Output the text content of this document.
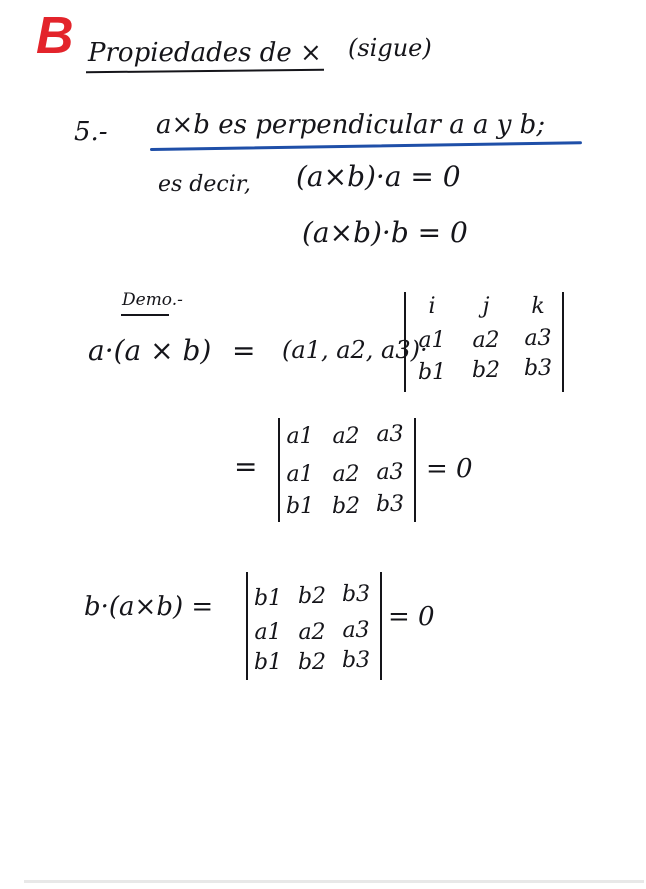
B Propiedades de × (sigue)
5.- a×b es perpendicular a a y b;
es decir, (a×b)·a = 0
(a×b)·b = 0
Demo.-
a·(a × b) = (a1, a2, a3)·
i	j	k
a1 a2 a3
b1 b2 b3
=
a1 a2 a3
a1 a2 a3
b1 b2 b3
= 0
b·(a×b) = b1 b2 b3
a1 a2 a3
b1 b2 b3
= 0
